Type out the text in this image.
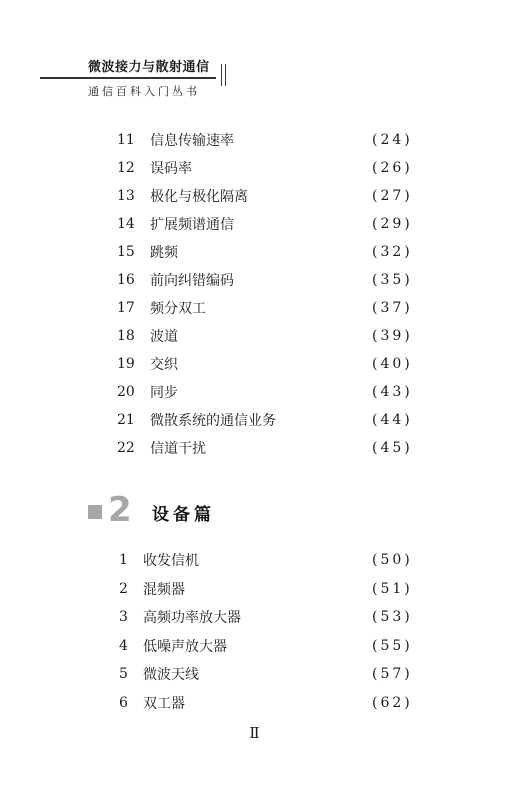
微波接力与散射通信
通信百科入门丛书
11 信息传输速率	(24)
12 误码率	(26)
13 极化与极化隔离	(27)
14 扩展频谱通信	(29)
15 跳频	(32)
16 前向纠错编码	(35)
17 频分双工	(37)
18 波道	(39)
19 交织	(40)
20 同步	(43)
21 微散系统的通信业务	(44)
22 信道干扰	(45)
2 设备篇
1 收发信机	(50)
2 混频器	(51)
3 高频功率放大器	(53)
4 低噪声放大器	(55)
5 微波天线	(57)
6 双工器	(62)
Ⅱ
